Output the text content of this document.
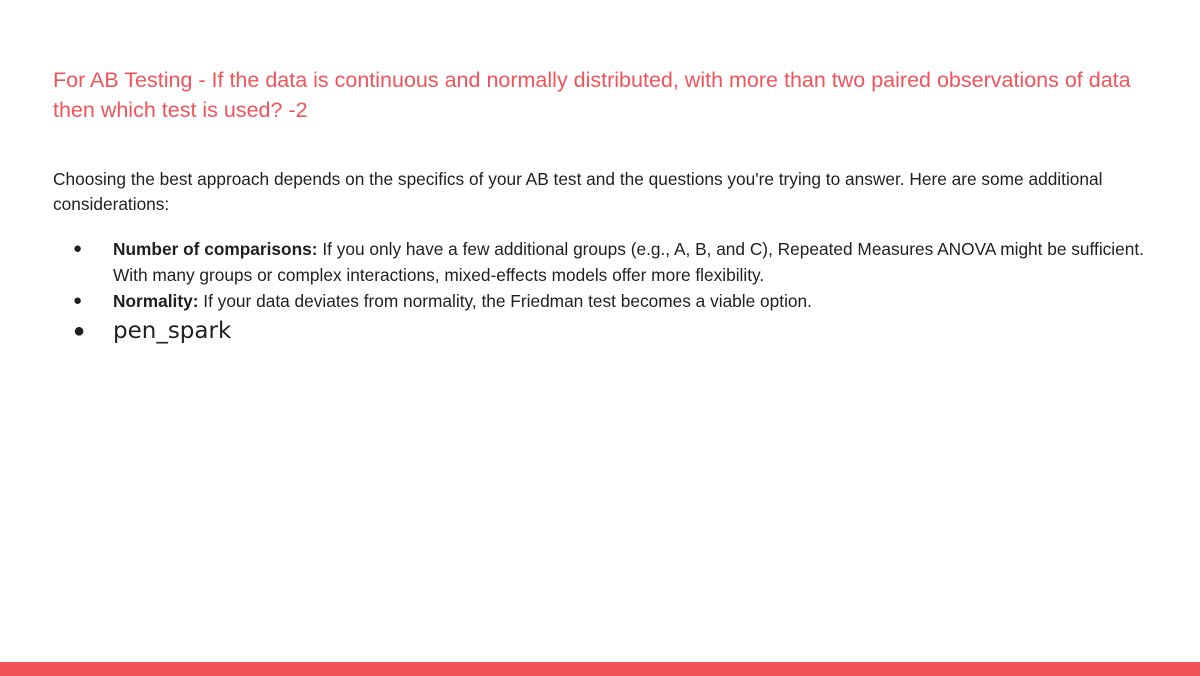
For AB Testing - If the data is continuous and normally distributed, with more than two paired observations of data then which test is used? -2

Choosing the best approach depends on the specifics of your AB test and the questions you're trying to answer. Here are some additional considerations:

● Number of comparisons: If you only have a few additional groups (e.g., A, B, and C), Repeated Measures ANOVA might be sufficient. With many groups or complex interactions, mixed-effects models offer more flexibility.
● Normality: If your data deviates from normality, the Friedman test becomes a viable option.
● pen_spark
